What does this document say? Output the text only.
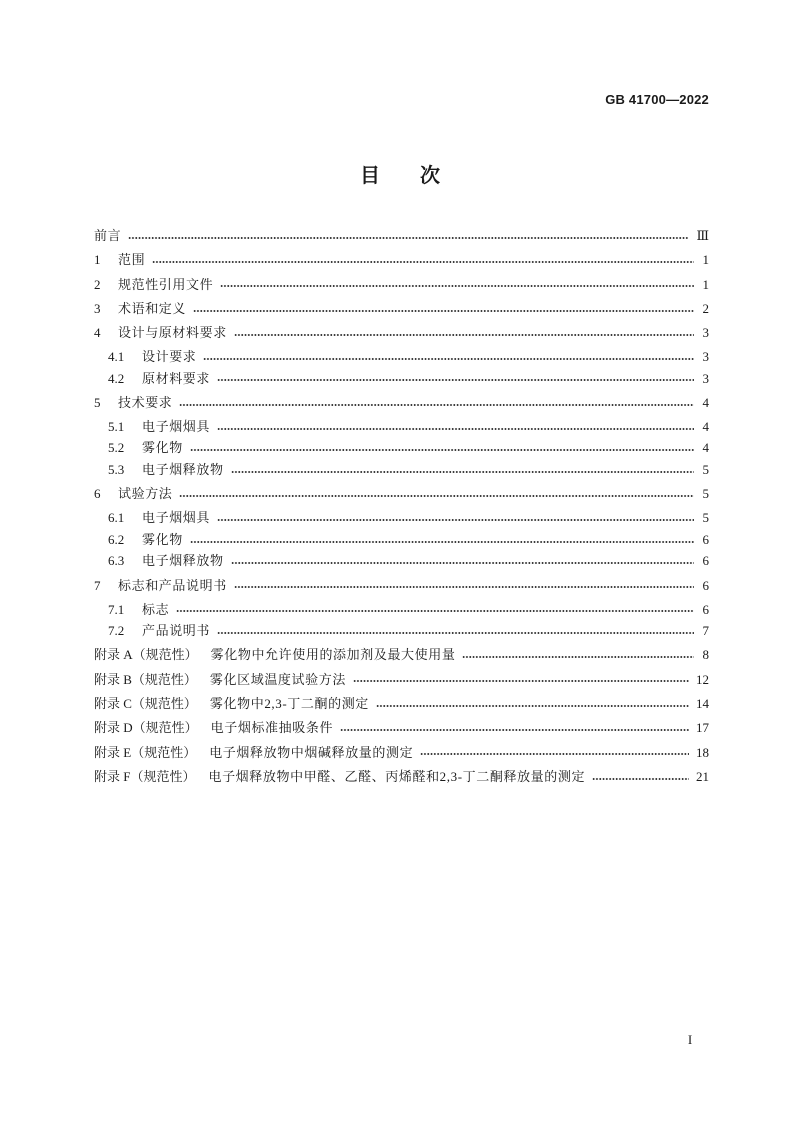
GB 41700—2022
目　　次
前言	Ⅲ
1	范围	1
2	规范性引用文件	1
3	术语和定义	2
4	设计与原材料要求	3
4.1	设计要求	3
4.2	原材料要求	3
5	技术要求	4
5.1	电子烟烟具	4
5.2	雾化物	4
5.3	电子烟释放物	5
6	试验方法	5
6.1	电子烟烟具	5
6.2	雾化物	6
6.3	电子烟释放物	6
7	标志和产品说明书	6
7.1	标志	6
7.2	产品说明书	7
附录 A（规范性）	雾化物中允许使用的添加剂及最大使用量	8
附录 B（规范性）	雾化区域温度试验方法	12
附录 C（规范性）	雾化物中2,3-丁二酮的测定	14
附录 D（规范性）	电子烟标准抽吸条件	17
附录 E（规范性）	电子烟释放物中烟碱释放量的测定	18
附录 F（规范性）	电子烟释放物中甲醛、乙醛、丙烯醛和2,3-丁二酮释放量的测定	21
I
